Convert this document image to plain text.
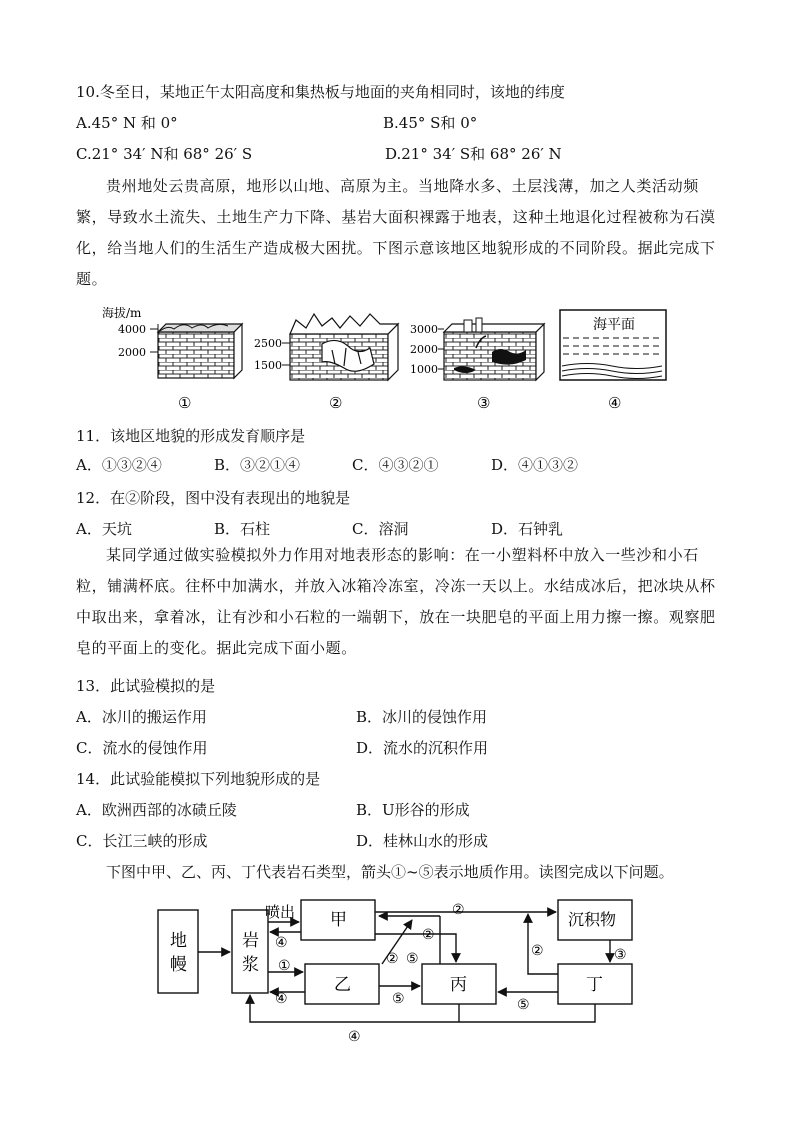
10.冬至日，某地正午太阳高度和集热板与地面的夹角相同时，该地的纬度
A.45° N 和 0°	B.45° S和 0°
C.21° 34′ N和 68° 26′ S	D.21° 34′ S和 68° 26′ N
贵州地处云贵高原，地形以山地、高原为主。当地降水多、土层浅薄，加之人类活动频繁，导致水土流失、土地生产力下降、基岩大面积裸露于地表，这种土地退化过程被称为石漠化，给当地人们的生活生产造成极大困扰。下图示意该地区地貌形成的不同阶段。据此完成下题。
海拔/m
4000
2000
2500
1500
3000
2000
1000
海平面
①	②	③	④
11．该地区地貌的形成发育顺序是
A．①③②④	B．③②①④	C．④③②①	D．④①③②
12．在②阶段，图中没有表现出的地貌是
A．天坑	B．石柱	C．溶洞	D．石钟乳
某同学通过做实验模拟外力作用对地表形态的影响：在一小塑料杯中放入一些沙和小石粒，铺满杯底。往杯中加满水，并放入冰箱冷冻室，冷冻一天以上。水结成冰后，把冰块从杯中取出来，拿着冰，让有沙和小石粒的一端朝下，放在一块肥皂的平面上用力擦一擦。观察肥皂的平面上的变化。据此完成下面小题。
13．此试验模拟的是
A．冰川的搬运作用	B．冰川的侵蚀作用
C．流水的侵蚀作用	D．流水的沉积作用
14．此试验能模拟下列地貌形成的是
A．欧洲西部的冰碛丘陵	B．U形谷的形成
C．长江三峡的形成	D．桂林山水的形成
下图中甲、乙、丙、丁代表岩石类型，箭头①~⑤表示地质作用。读图完成以下问题。
地
幔
岩
浆
甲
乙	丙
沉积物
丁
喷出
④
①
④
②
②
② ⑤
⑤
②	③
⑤
④
